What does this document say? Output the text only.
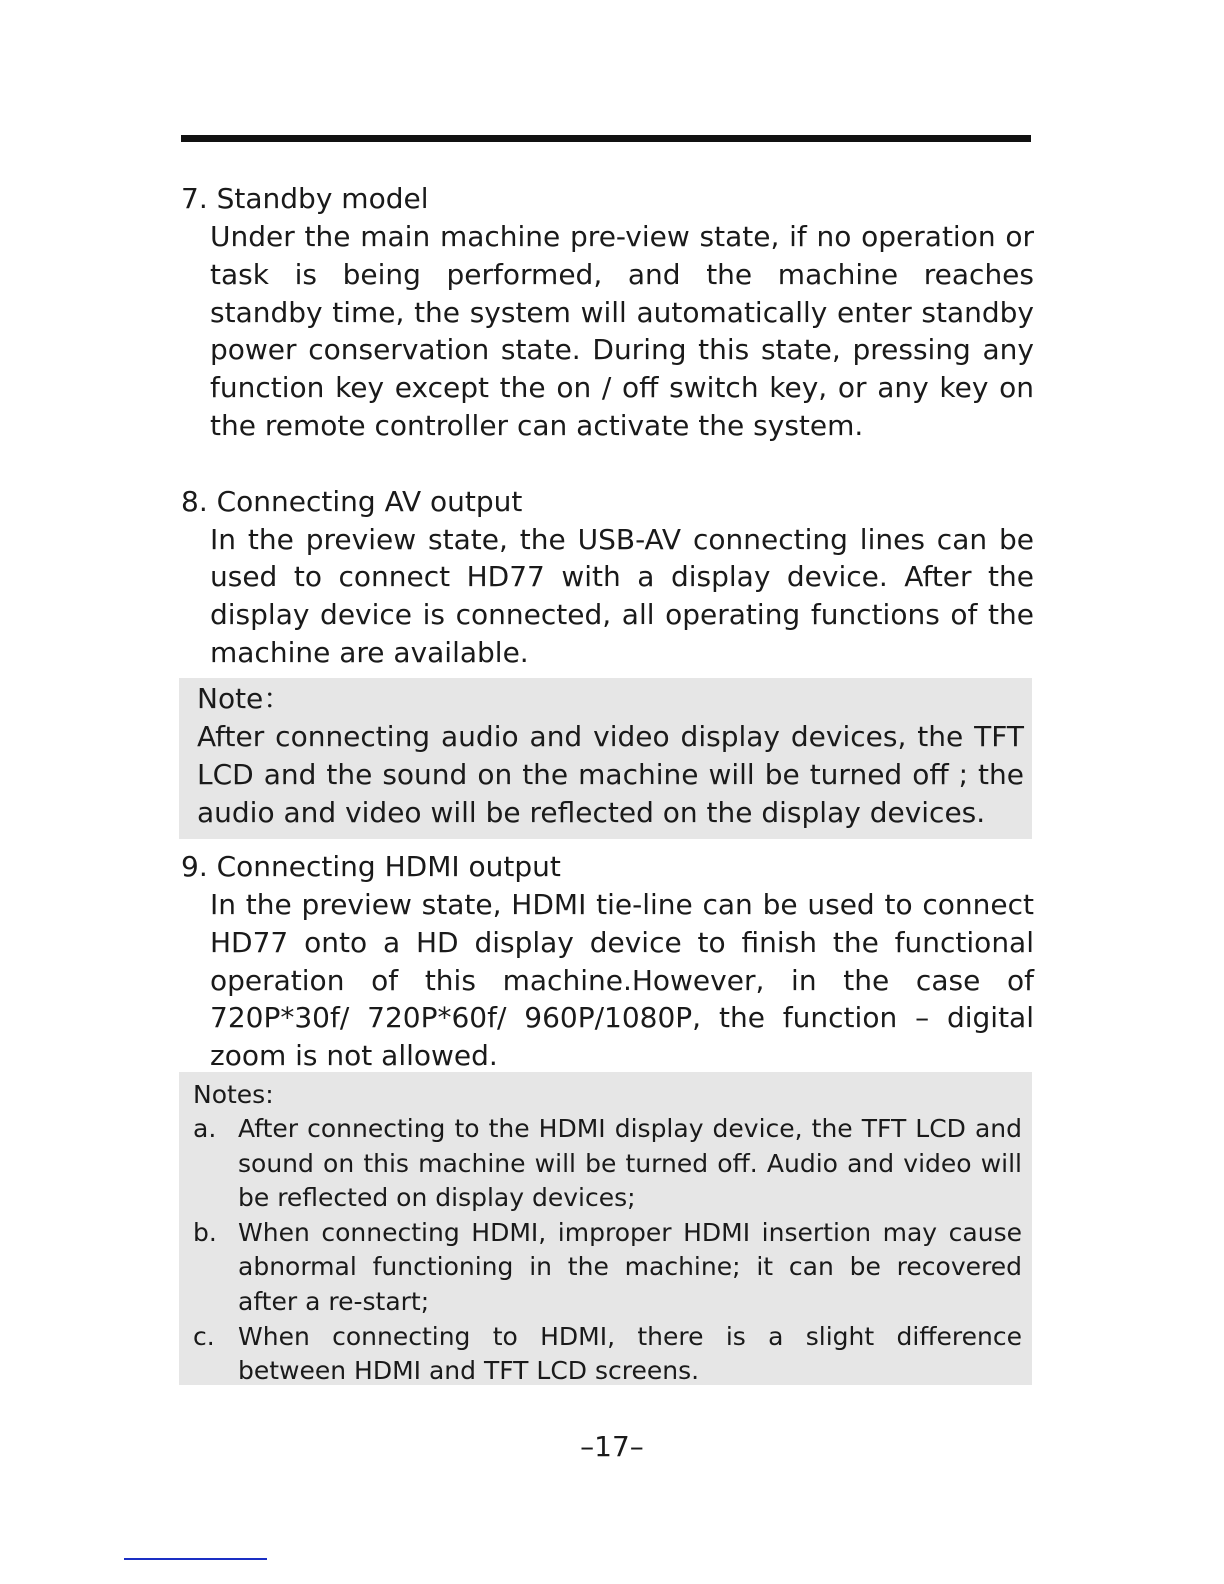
7. Standby model
Under the main machine pre-view state, if no operation or task is being performed, and the machine reaches standby time, the system will automatically enter standby power conservation state. During this state, pressing any function key except the on / off switch key, or any key on the remote controller can activate the system.
8. Connecting AV output
In the preview state, the USB-AV connecting lines can be used to connect HD77 with a display device. After the display device is connected, all operating functions of the machine are available.
Note：
After connecting audio and video display devices, the TFT LCD and the sound on the machine will be turned off ; the audio and video will be reflected on the display devices.
9. Connecting HDMI output
In the preview state, HDMI tie-line can be used to connect HD77 onto a HD display device to finish the functional operation of this machine.However, in the case of 720P*30f/ 720P*60f/ 960P/1080P, the function – digital zoom is not allowed.
Notes:
a. After connecting to the HDMI display device, the TFT LCD and sound on this machine will be turned off. Audio and video will be reflected on display devices;
b. When connecting HDMI, improper HDMI insertion may cause abnormal functioning in the machine; it can be recovered after a re-start;
c. When connecting to HDMI, there is a slight difference between HDMI and TFT LCD screens.
–17–
